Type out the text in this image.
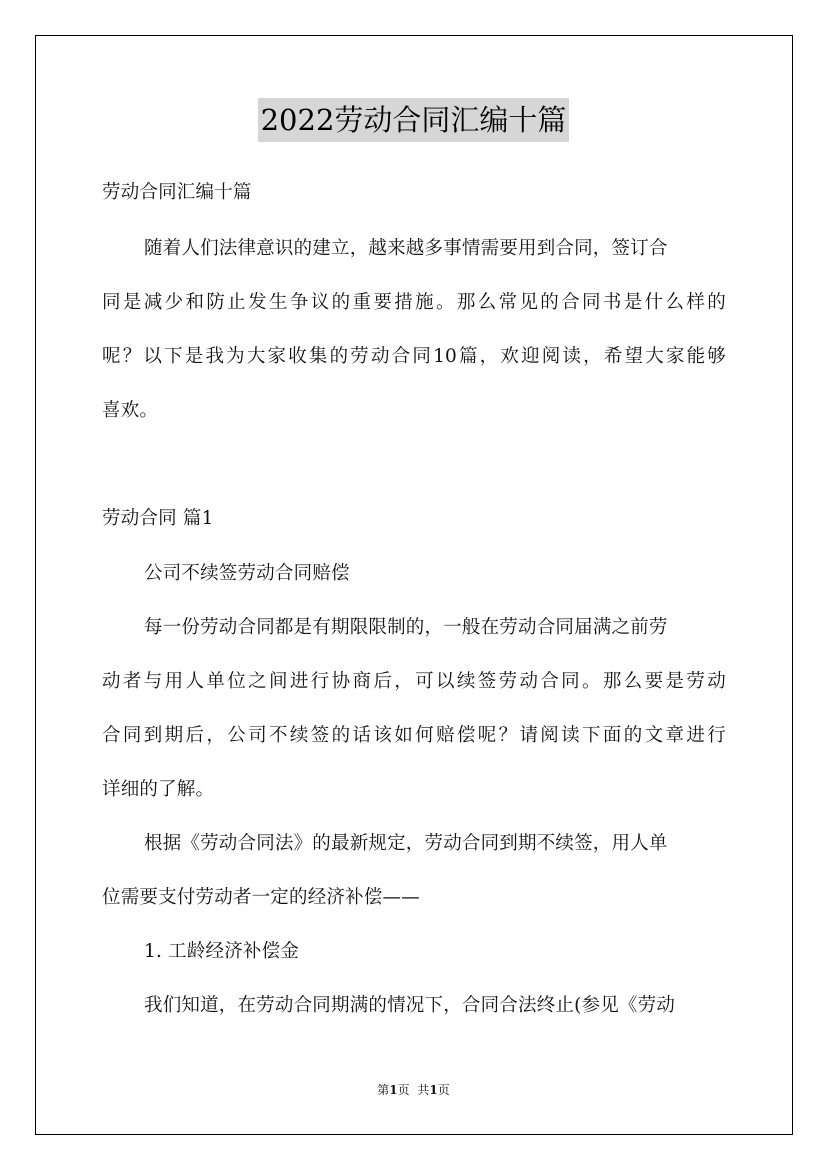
2022劳动合同汇编十篇
劳动合同汇编十篇
随着人们法律意识的建立，越来越多事情需要用到合同，签订合
同是减少和防止发生争议的重要措施。那么常见的合同书是什么样的
呢？以下是我为大家收集的劳动合同10篇，欢迎阅读，希望大家能够
喜欢。
劳动合同 篇1
公司不续签劳动合同赔偿
每一份劳动合同都是有期限限制的，一般在劳动合同届满之前劳
动者与用人单位之间进行协商后，可以续签劳动合同。那么要是劳动
合同到期后，公司不续签的话该如何赔偿呢？请阅读下面的文章进行
详细的了解。
根据《劳动合同法》的最新规定，劳动合同到期不续签，用人单
位需要支付劳动者一定的经济补偿——
1. 工龄经济补偿金
我们知道，在劳动合同期满的情况下，合同合法终止(参见《劳动
第1页 共1页
